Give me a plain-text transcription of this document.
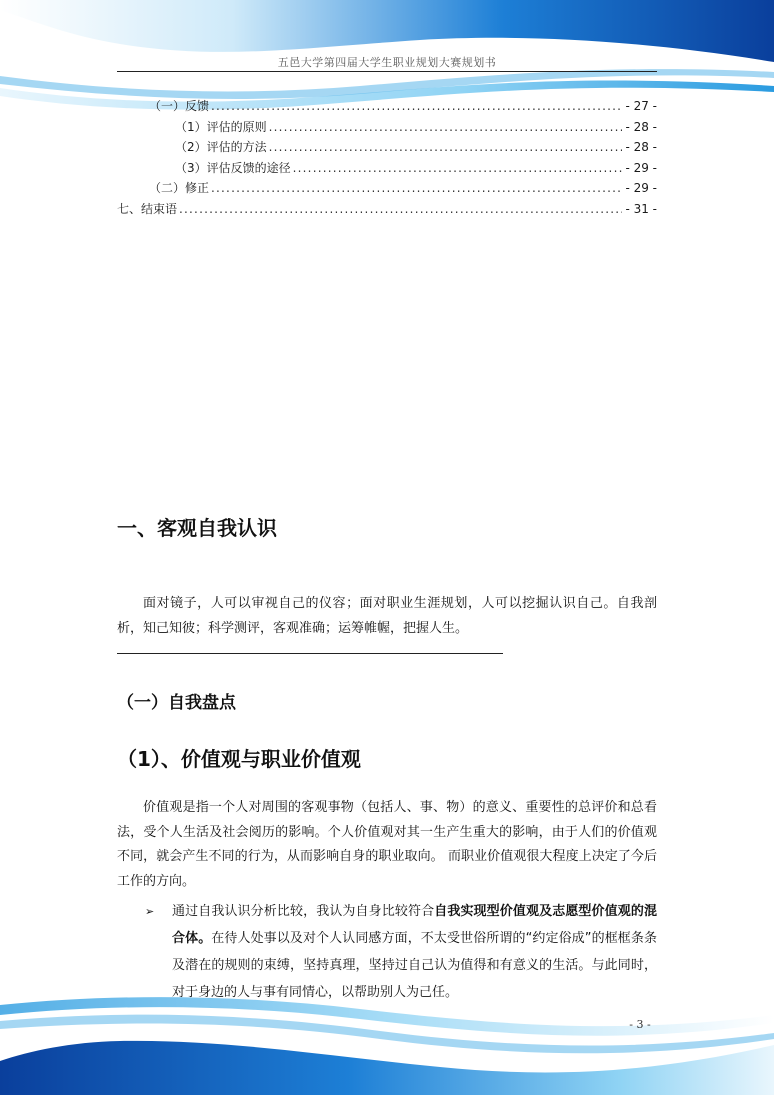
五邑大学第四届大学生职业规划大赛规划书
（一）反馈 .....	- 27 -
（1）评估的原则 .....	- 28 -
（2）评估的方法 .....	- 28 -
（3）评估反馈的途径 .....	- 29 -
（二）修正 .....	- 29 -
七、结束语 .....	- 31 -
一、客观自我认识
面对镜子，人可以审视自己的仪容；面对职业生涯规划，人可以挖掘认识自己。自我剖析，知己知彼；科学测评，客观准确；运筹帷幄，把握人生。
（一）自我盘点
（1）、价值观与职业价值观
价值观是指一个人对周围的客观事物（包括人、事、物）的意义、重要性的总评价和总看法，受个人生活及社会阅历的影响。个人价值观对其一生产生重大的影响，由于人们的价值观不同，就会产生不同的行为，从而影响自身的职业取向。 而职业价值观很大程度上决定了今后工作的方向。
➢ 通过自我认识分析比较，我认为自身比较符合自我实现型价值观及志愿型价值观的混合体。在待人处事以及对个人认同感方面，不太受世俗所谓的“约定俗成”的框框条条及潜在的规则的束缚，坚持真理，坚持过自己认为值得和有意义的生活。与此同时，对于身边的人与事有同情心，以帮助别人为己任。
- 3 -
